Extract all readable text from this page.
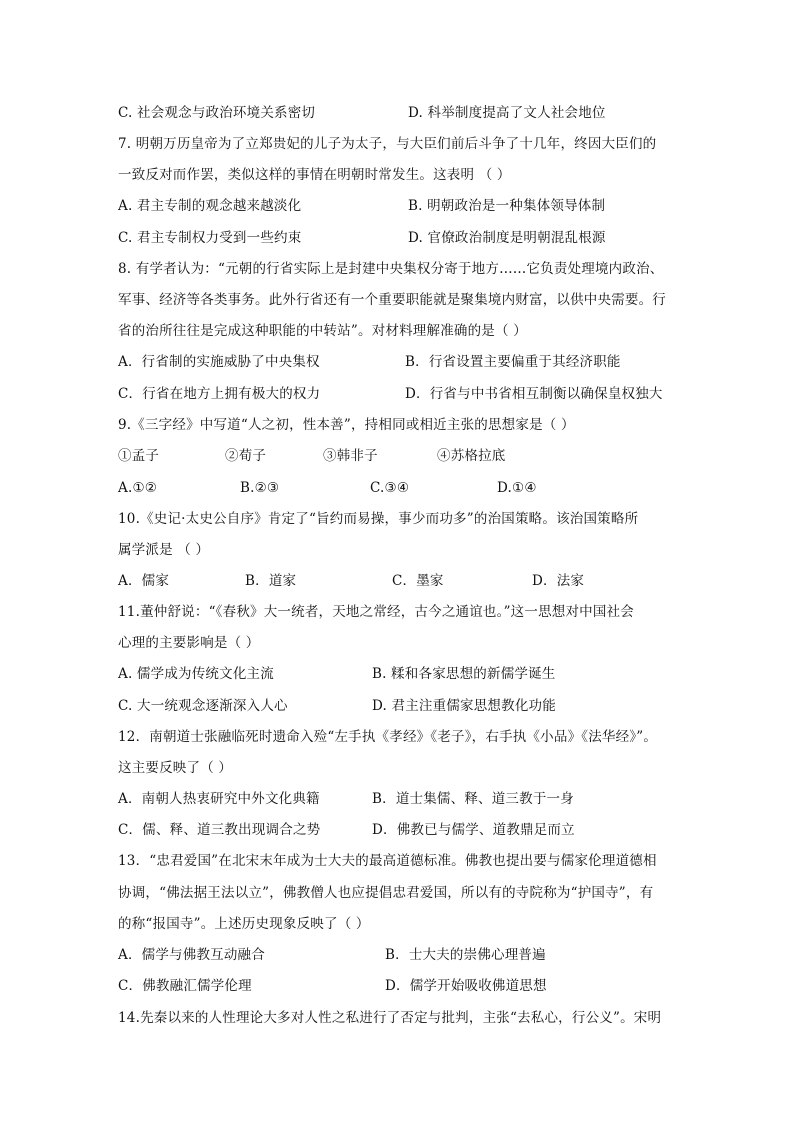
C. 社会观念与政治环境关系密切	D. 科举制度提高了文人社会地位
7. 明朝万历皇帝为了立郑贵妃的儿子为太子，与大臣们前后斗争了十几年，终因大臣们的
一致反对而作罢，类似这样的事情在明朝时常发生。这表明 （ ）
A. 君主专制的观念越来越淡化	B. 明朝政治是一种集体领导体制
C. 君主专制权力受到一些约束	D. 官僚政治制度是明朝混乱根源
8. 有学者认为：“元朝的行省实际上是封建中央集权分寄于地方……它负责处理境内政治、
军事、经济等各类事务。此外行省还有一个重要职能就是聚集境内财富，以供中央需要。行
省的治所往往是完成这种职能的中转站”。对材料理解准确的是（ ）
A．行省制的实施威胁了中央集权	B．行省设置主要偏重于其经济职能
C．行省在地方上拥有极大的权力	D．行省与中书省相互制衡以确保皇权独大
9.《三字经》中写道“人之初，性本善”，持相同或相近主张的思想家是（ ）
①孟子	②荀子	③韩非子	④苏格拉底
A.①②	B.②③	C.③④	D.①④
10.《史记·太史公自序》肯定了“旨约而易操，事少而功多”的治国策略。该治国策略所
属学派是 （ ）
A．儒家	B．道家	C．墨家	D．法家
11.董仲舒说：“《春秋》大一统者，天地之常经，古今之通谊也。”这一思想对中国社会
心理的主要影响是（ ）
A. 儒学成为传统文化主流	B. 糅和各家思想的新儒学诞生
C. 大一统观念逐渐深入人心	D. 君主注重儒家思想教化功能
12．南朝道士张融临死时遗命入殓“左手执《孝经》《老子》，右手执《小品》《法华经》”。
这主要反映了（ ）
A．南朝人热衷研究中外文化典籍	B．道士集儒、释、道三教于一身
C．儒、释、道三教出现调合之势	D．佛教已与儒学、道教鼎足而立
13．“忠君爱国”在北宋末年成为士大夫的最高道德标准。佛教也提出要与儒家伦理道德相
协调，“佛法据王法以立”，佛教僧人也应提倡忠君爱国，所以有的寺院称为“护国寺”，有
的称“报国寺”。上述历史现象反映了（ ）
A．儒学与佛教互动融合	B．士大夫的崇佛心理普遍
C．佛教融汇儒学伦理	D．儒学开始吸收佛道思想
14.先秦以来的人性理论大多对人性之私进行了否定与批判，主张“去私心，行公义”。宋明
